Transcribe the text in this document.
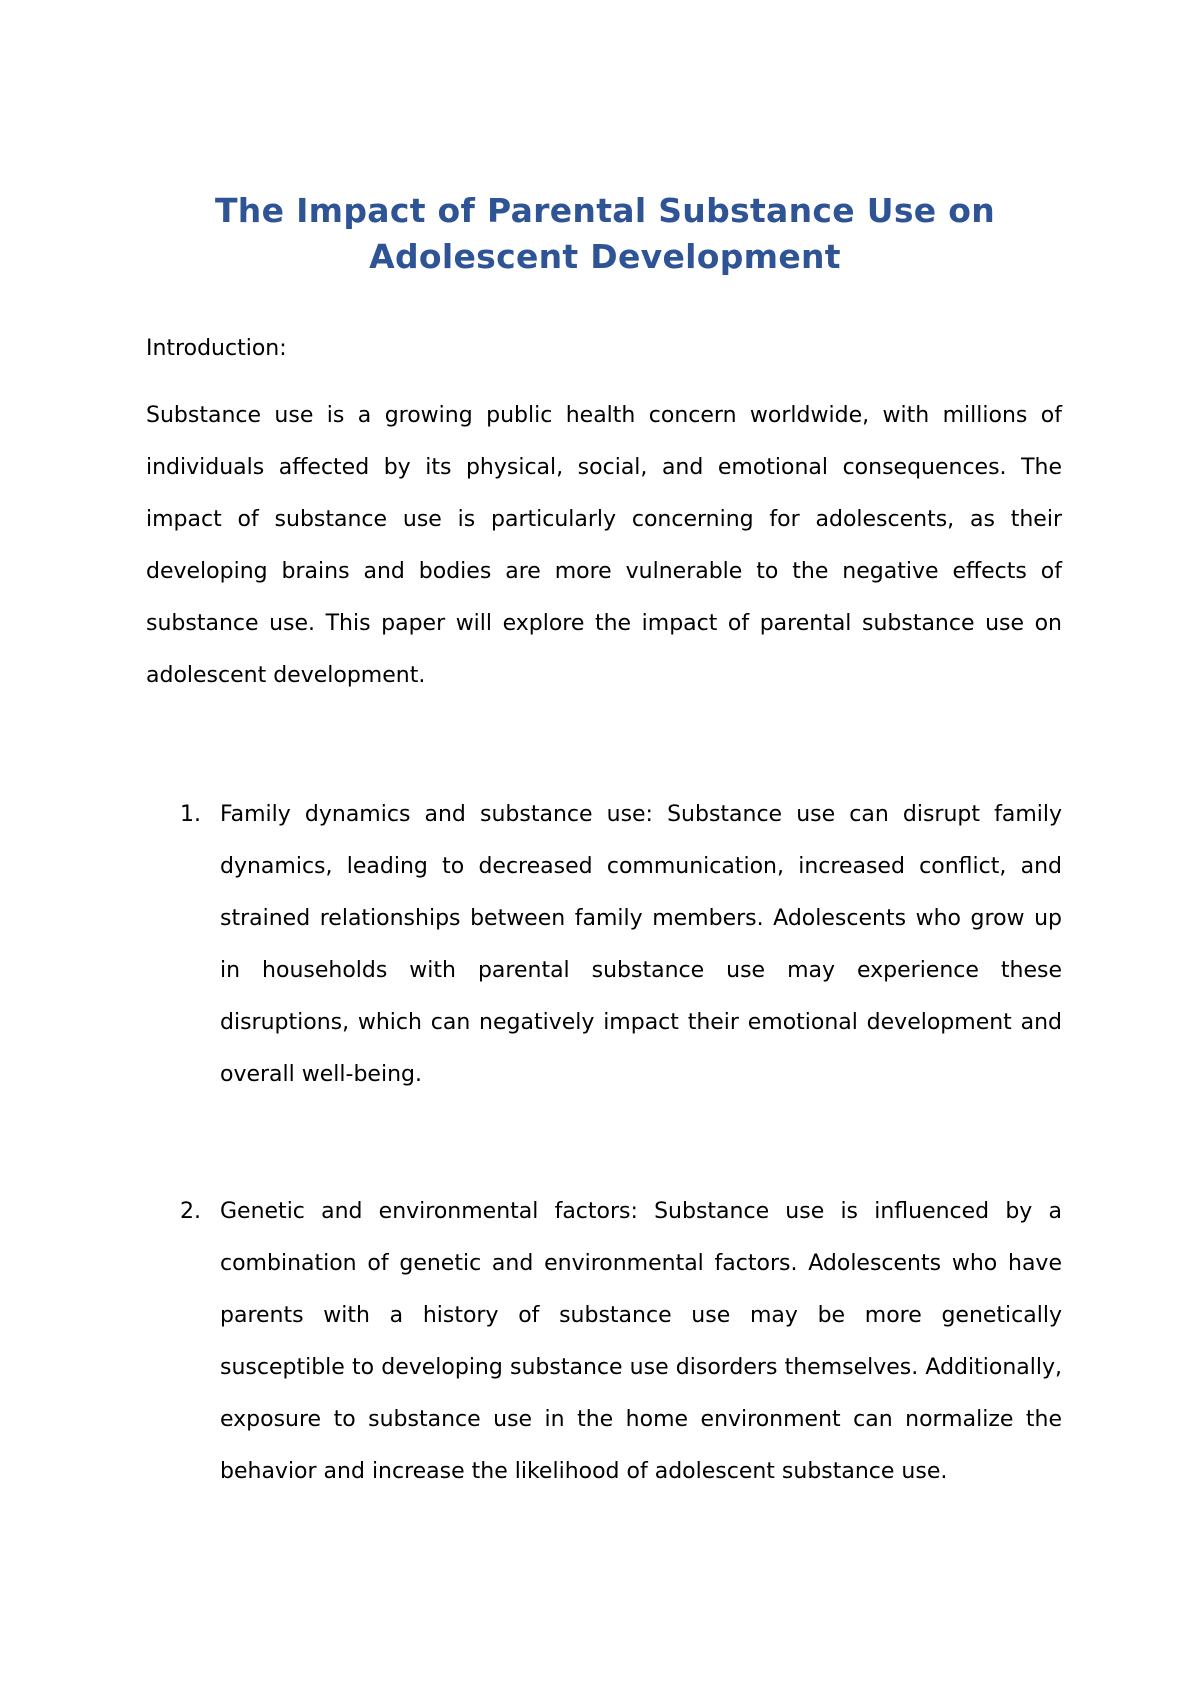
The Impact of Parental Substance Use on Adolescent Development
Introduction:

Substance use is a growing public health concern worldwide, with millions of individuals affected by its physical, social, and emotional consequences. The impact of substance use is particularly concerning for adolescents, as their developing brains and bodies are more vulnerable to the negative effects of substance use. This paper will explore the impact of parental substance use on adolescent development.

1. Family dynamics and substance use: Substance use can disrupt family dynamics, leading to decreased communication, increased conflict, and strained relationships between family members. Adolescents who grow up in households with parental substance use may experience these disruptions, which can negatively impact their emotional development and overall well-being.

2. Genetic and environmental factors: Substance use is influenced by a combination of genetic and environmental factors. Adolescents who have parents with a history of substance use may be more genetically susceptible to developing substance use disorders themselves. Additionally, exposure to substance use in the home environment can normalize the behavior and increase the likelihood of adolescent substance use.
